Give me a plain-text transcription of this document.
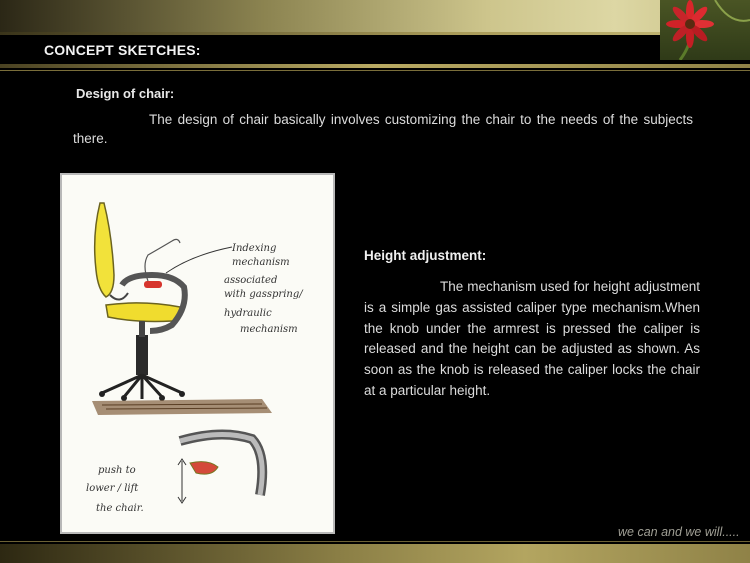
CONCEPT SKETCHES:
Design of chair:
The design of chair basically involves customizing the chair to the needs of the subjects there.
Indexing
mechanism
associated
with gasspring/
hydraulic
mechanism
push to
lower / lift
the chair.
Height adjustment:
The mechanism used for height adjustment is a simple gas assisted caliper type mechanism.When the knob under the armrest is pressed the caliper is released and the height can be adjusted as shown. As soon as the knob is released the caliper locks the chair at a particular height.
we can and we will.....
